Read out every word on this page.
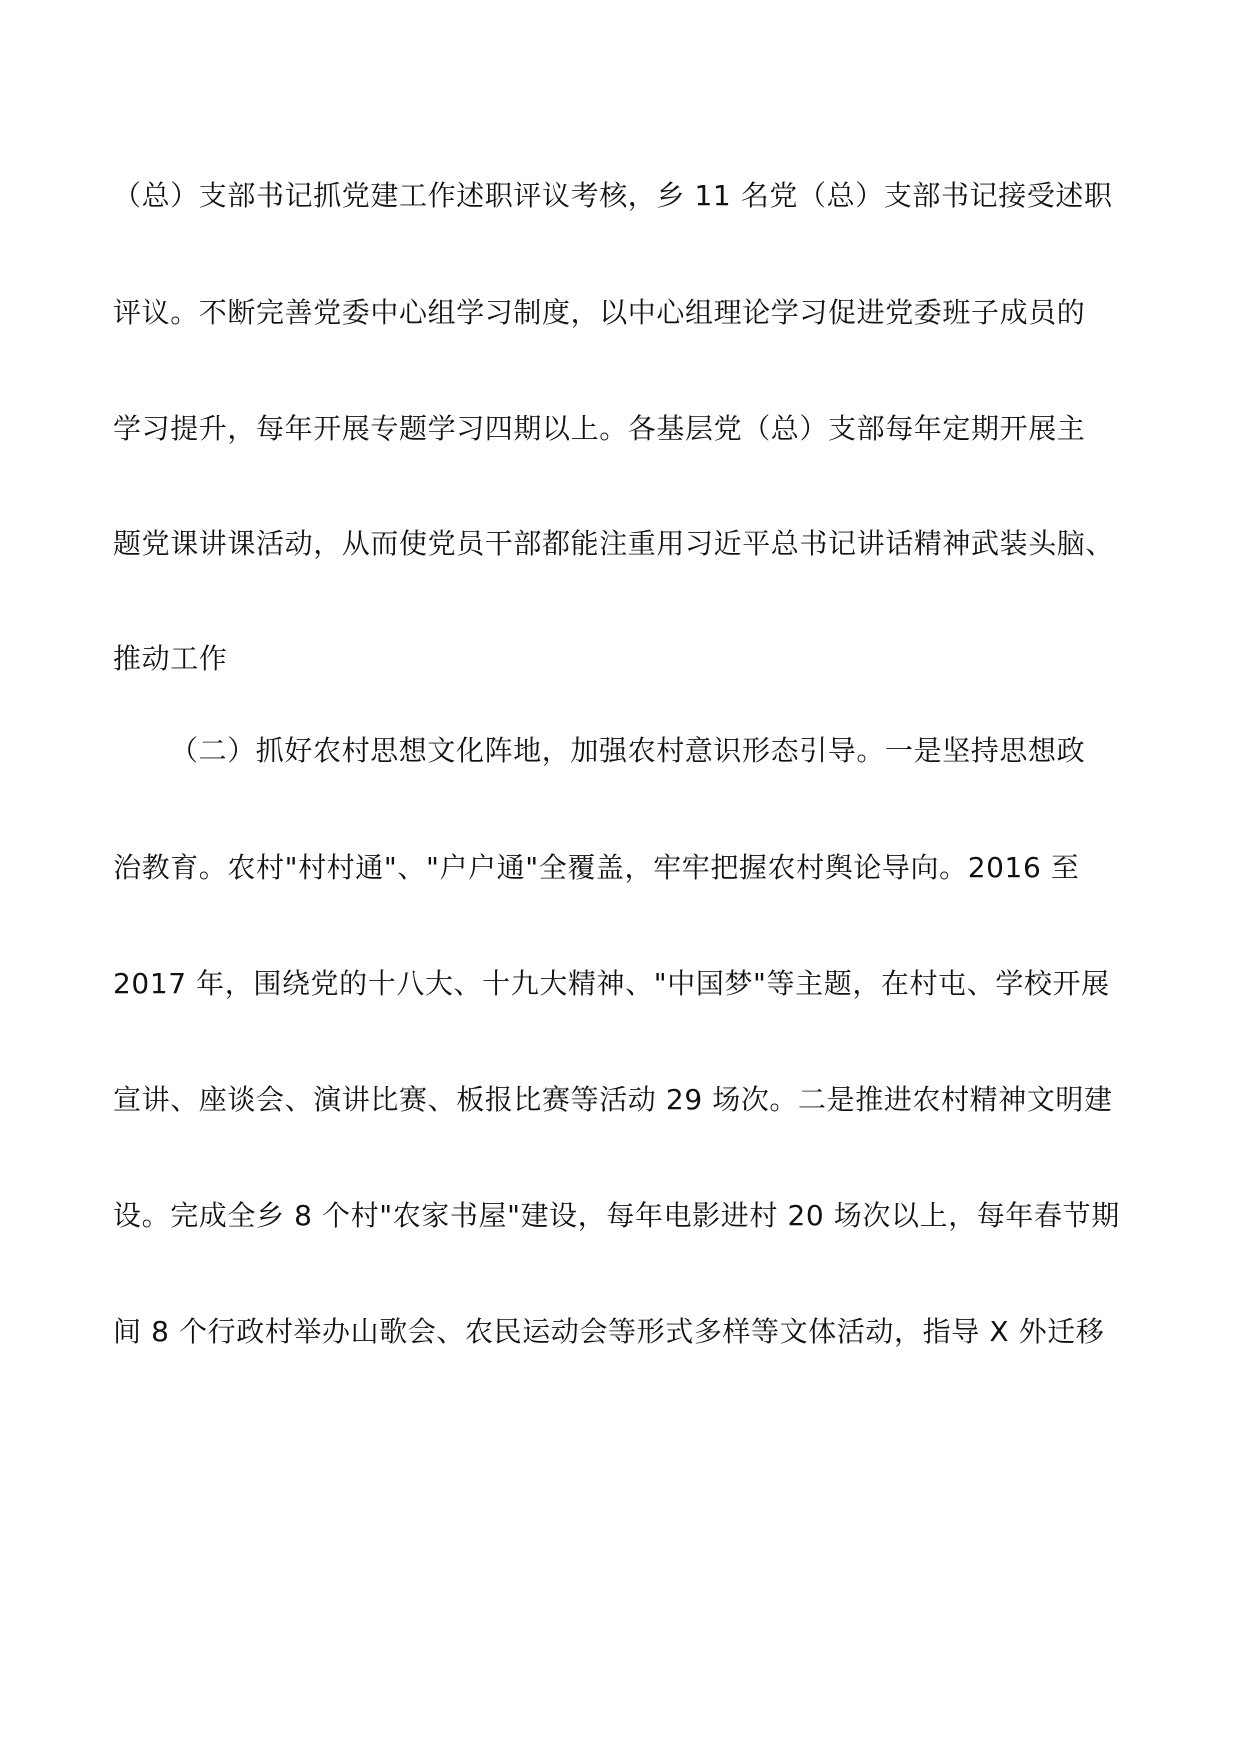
（总）支部书记抓党建工作述职评议考核，乡 11 名党（总）支部书记接受述职
评议。不断完善党委中心组学习制度，以中心组理论学习促进党委班子成员的
学习提升，每年开展专题学习四期以上。各基层党（总）支部每年定期开展主
题党课讲课活动，从而使党员干部都能注重用习近平总书记讲话精神武装头脑、
推动工作
（二）抓好农村思想文化阵地，加强农村意识形态引导。一是坚持思想政
治教育。农村"村村通"、"户户通"全覆盖，牢牢把握农村舆论导向。2016 至
2017 年，围绕党的十八大、十九大精神、"中国梦"等主题，在村屯、学校开展
宣讲、座谈会、演讲比赛、板报比赛等活动 29 场次。二是推进农村精神文明建
设。完成全乡 8 个村"农家书屋"建设，每年电影进村 20 场次以上，每年春节期
间 8 个行政村举办山歌会、农民运动会等形式多样等文体活动，指导 X 外迁移
